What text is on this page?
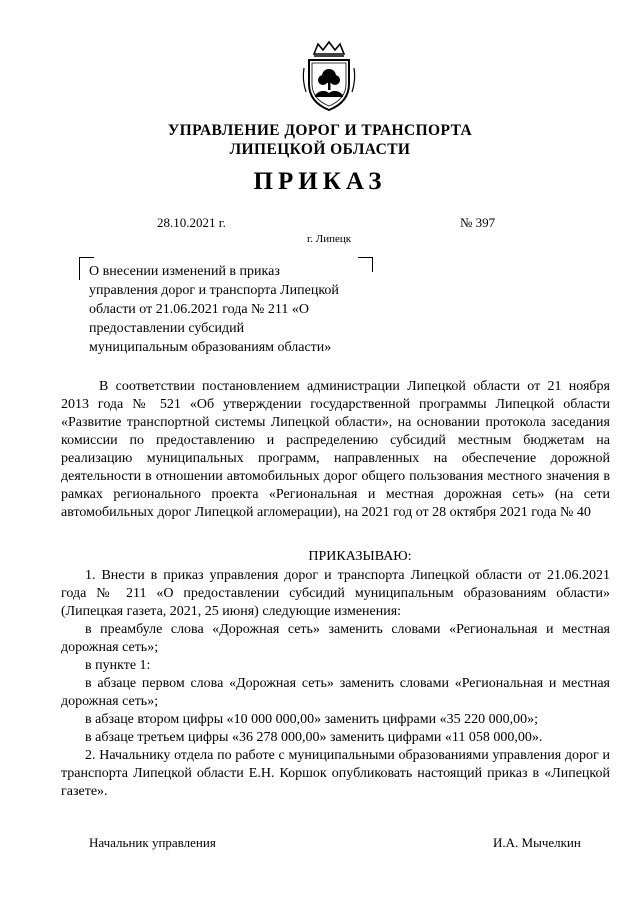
УПРАВЛЕНИЕ ДОРОГ И ТРАНСПОРТА
ЛИПЕЦКОЙ ОБЛАСТИ
ПРИКАЗ
28.10.2021 г.	№ 397
г. Липецк
О внесении изменений в приказ
управления дорог и транспорта Липецкой
области от 21.06.2021 года № 211 «О
предоставлении субсидий
муниципальным образованиям области»

В соответствии постановлением администрации Липецкой области от 21 ноября 2013 года № 521 «Об утверждении государственной программы Липецкой области «Развитие транспортной системы Липецкой области», на основании протокола заседания комиссии по предоставлению и распределению субсидий местным бюджетам на реализацию муниципальных программ, направленных на обеспечение дорожной деятельности в отношении автомобильных дорог общего пользования местного значения в рамках регионального проекта «Региональная и местная дорожная сеть» (на сети автомобильных дорог Липецкой агломерации), на 2021 год от 28 октября 2021 года № 40

ПРИКАЗЫВАЮ:

1. Внести в приказ управления дорог и транспорта Липецкой области от 21.06.2021 года № 211 «О предоставлении субсидий муниципальным образованиям области» (Липецкая газета, 2021, 25 июня) следующие изменения:

в преамбуле слова «Дорожная сеть» заменить словами «Региональная и местная дорожная сеть»;

в пункте 1:

в абзаце первом слова «Дорожная сеть» заменить словами «Региональная и местная дорожная сеть»;

в абзаце втором цифры «10 000 000,00» заменить цифрами «35 220 000,00»;

в абзаце третьем цифры «36 278 000,00» заменить цифрами «11 058 000,00».

2. Начальнику отдела по работе с муниципальными образованиями управления дорог и транспорта Липецкой области Е.Н. Коршок опубликовать настоящий приказ в «Липецкой газете».

Начальник управления	И.А. Мычелкин
